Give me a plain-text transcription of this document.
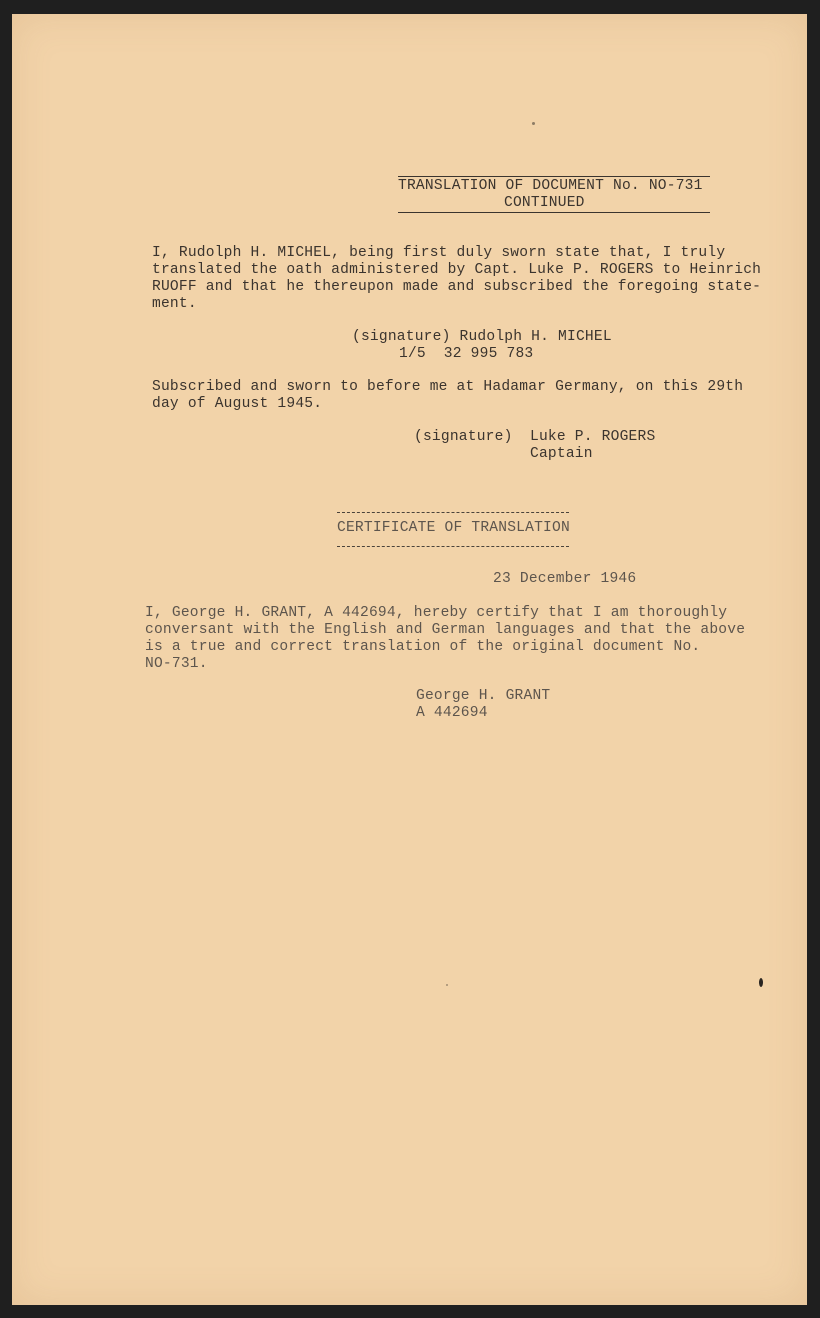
TRANSLATION OF DOCUMENT No. NO-731
CONTINUED
I, Rudolph H. MICHEL, being first duly sworn state that, I truly
translated the oath administered by Capt. Luke P. ROGERS to Heinrich
RUOFF and that he thereupon made and subscribed the foregoing state-
ment.
(signature) Rudolph H. MICHEL
1/5  32 995 783
Subscribed and sworn to before me at Hadamar Germany, on this 29th
day of August 1945.
(signature) Luke P. ROGERS
Captain
CERTIFICATE OF TRANSLATION
23 December 1946
I, George H. GRANT, A 442694, hereby certify that I am thoroughly
conversant with the English and German languages and that the above
is a true and correct translation of the original document No.
NO-731.
George H. GRANT
A 442694
